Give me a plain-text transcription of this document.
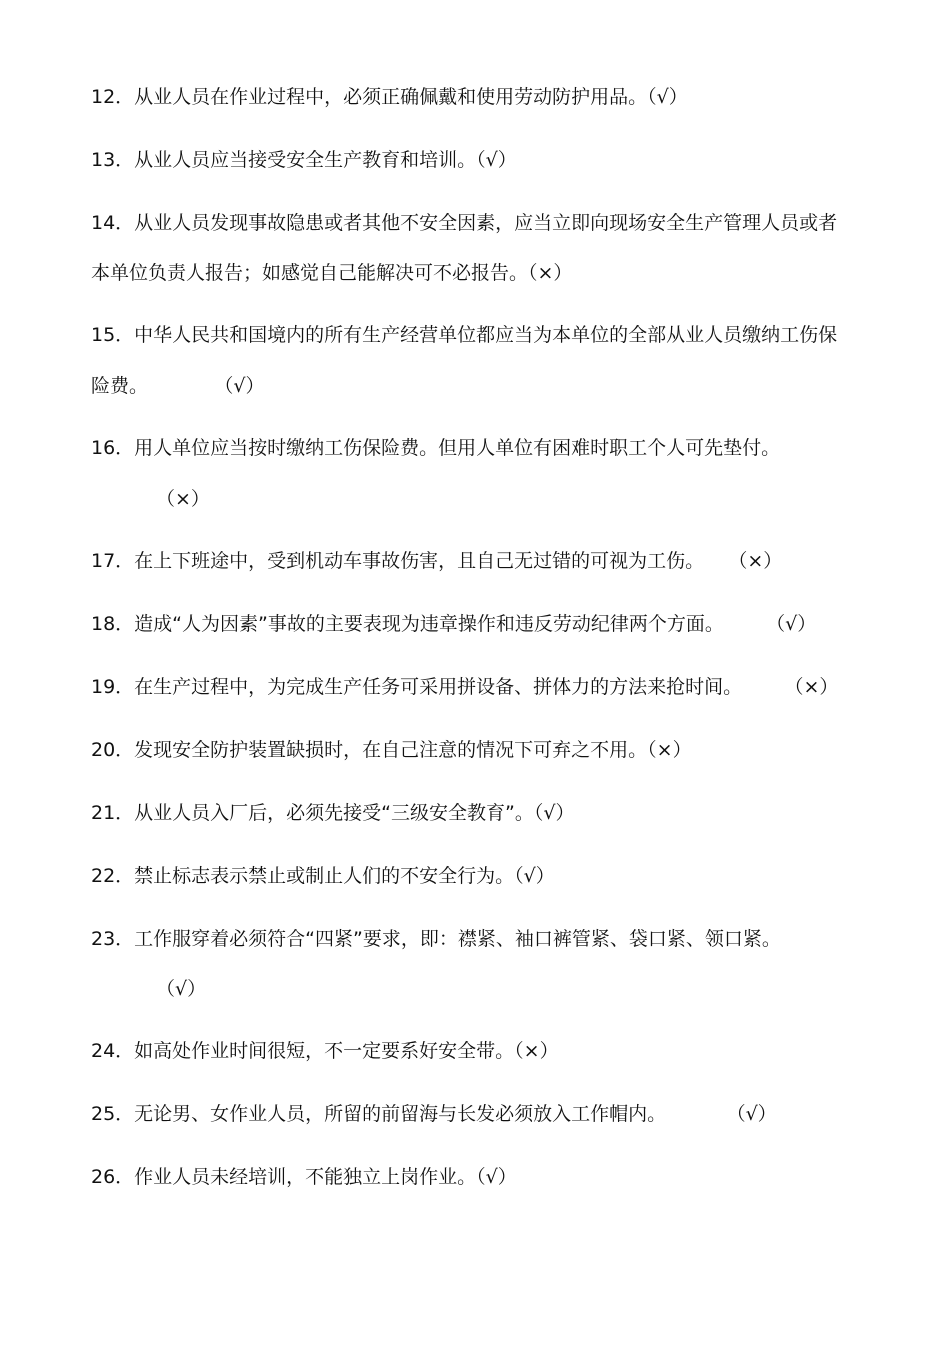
12．从业人员在作业过程中，必须正确佩戴和使用劳动防护用品。（√）

13．从业人员应当接受安全生产教育和培训。（√）

14．从业人员发现事故隐患或者其他不安全因素，应当立即向现场安全生产管理人员或者

本单位负责人报告；如感觉自己能解决可不必报告。（×）

15．中华人民共和国境内的所有生产经营单位都应当为本单位的全部从业人员缴纳工伤保

险费。           （√）

16．用人单位应当按时缴纳工伤保险费。但用人单位有困难时职工个人可先垫付。

（×）

17．在上下班途中，受到机动车事故伤害，且自己无过错的可视为工伤。    （×）

18．造成“人为因素”事故的主要表现为违章操作和违反劳动纪律两个方面。       （√）

19．在生产过程中，为完成生产任务可采用拼设备、拼体力的方法来抢时间。       （×）

20．发现安全防护装置缺损时，在自己注意的情况下可弃之不用。（×）

21．从业人员入厂后，必须先接受“三级安全教育”。（√）

22．禁止标志表示禁止或制止人们的不安全行为。（√）

23．工作服穿着必须符合“四紧”要求，即：襟紧、袖口裤管紧、袋口紧、领口紧。

（√）

24．如高处作业时间很短，不一定要系好安全带。（×）

25．无论男、女作业人员，所留的前留海与长发必须放入工作帽内。          （√）

26．作业人员未经培训，不能独立上岗作业。（√）
